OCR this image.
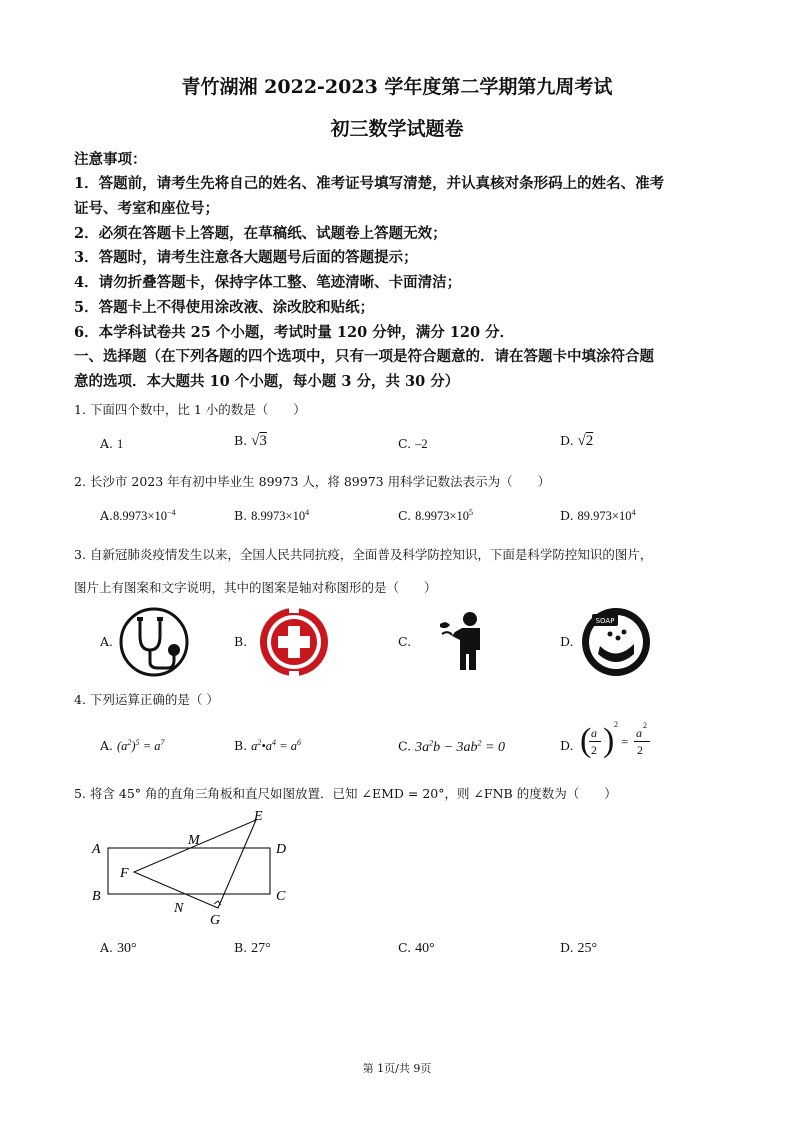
青竹湖湘 2022-2023 学年度第二学期第九周考试
初三数学试题卷
注意事项：
1．答题前，请考生先将自己的姓名、准考证号填写清楚，并认真核对条形码上的姓名、准考
证号、考室和座位号；
2．必须在答题卡上答题，在草稿纸、试题卷上答题无效；
3．答题时，请考生注意各大题题号后面的答题提示；
4．请勿折叠答题卡，保持字体工整、笔迹清晰、卡面清洁；
5．答题卡上不得使用涂改液、涂改胶和贴纸；
6．本学科试卷共 25 个小题，考试时量 120 分钟，满分 120 分．
一、选择题（在下列各题的四个选项中，只有一项是符合题意的．请在答题卡中填涂符合题
意的选项．本大题共 10 个小题，每小题 3 分，共 30 分）
1. 下面四个数中，比 1 小的数是（　　）
A. 1	B. √3	C. –2	D. √2
2. 长沙市 2023 年有初中毕业生 89973 人，将 89973 用科学记数法表示为（　　）
$A.8.9973\times 10^{-4}$	B. $8.9973\times 10^4$	C. $8.9973\times 10^5$	D. $89.973\times 10^4$
3. 自新冠肺炎疫情发生以来，全国人民共同抗疫，全面普及科学防控知识，下面是科学防控知识的图片，
图片上有图案和文字说明，其中的图案是轴对称图形的是（　　）
A.	B.	C.	D.
SOAP
4. 下列运算正确的是（ ）
A. $(a^2)^5 = a^7$	B. $a^2•a^4 = a^6$	C. $3a^2b - 3ab^2 = 0$	D. ( a
2 ) 2
=
a
2
2
5. 将含 45° 角的直角三角板和直尺如图放置．已知 ∠EMD = 20°，则 ∠FNB 的度数为（　　）
A	D
B	C
E
F
G
M
N
A. 30°	B. 27°	C. 40°	D. 25°
第 1页/共 9页
